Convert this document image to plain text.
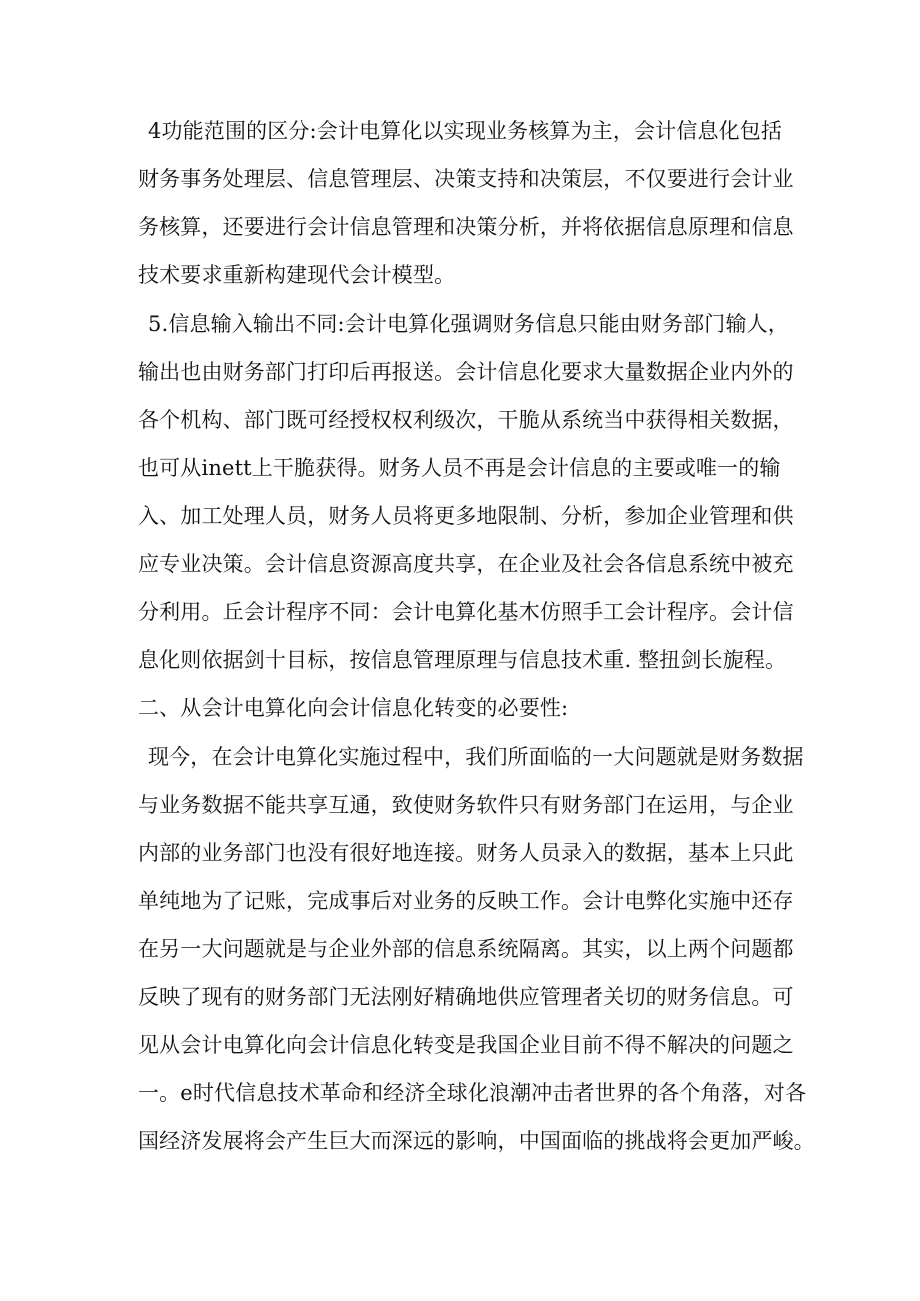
4功能范围的区分:会计电算化以实现业务核算为主，会计信息化包括

财务事务处理层、信息管理层、决策支持和决策层，不仅要进行会计业

务核算，还要进行会计信息管理和决策分析，并将依据信息原理和信息

技术要求重新构建现代会计模型。

5.信息输入输出不同:会计电算化强调财务信息只能由财务部门输人，

输出也由财务部门打印后再报送。会计信息化要求大量数据企业内外的

各个机构、部门既可经授权权利级次，干脆从系统当中获得相关数据，

也可从inett上干脆获得。财务人员不再是会计信息的主要或唯一的输

入、加工处理人员，财务人员将更多地限制、分析，参加企业管理和供

应专业决策。会计信息资源高度共享，在企业及社会各信息系统中被充

分利用。丘会计程序不同：会计电算化基木仿照手工会计程序。会计信

息化则依据剑十目标，按信息管理原理与信息技术重. 整扭剑长旎程。

二、从会计电算化向会计信息化转变的必要性:

现今，在会计电算化实施过程中，我们所面临的一大问题就是财务数据

与业务数据不能共享互通，致使财务软件只有财务部门在运用，与企业

内部的业务部门也没有很好地连接。财务人员录入的数据，基本上只此

单纯地为了记账，完成事后对业务的反映工作。会计电弊化实施中还存

在另一大问题就是与企业外部的信息系统隔离。其实，以上两个问题都

反映了现有的财务部门无法刚好精确地供应管理者关切的财务信息。可

见从会计电算化向会计信息化转变是我国企业目前不得不解决的问题之

一。e时代信息技术革命和经济全球化浪潮冲击者世界的各个角落，对各

国经济发展将会产生巨大而深远的影响，中国面临的挑战将会更加严峻。
